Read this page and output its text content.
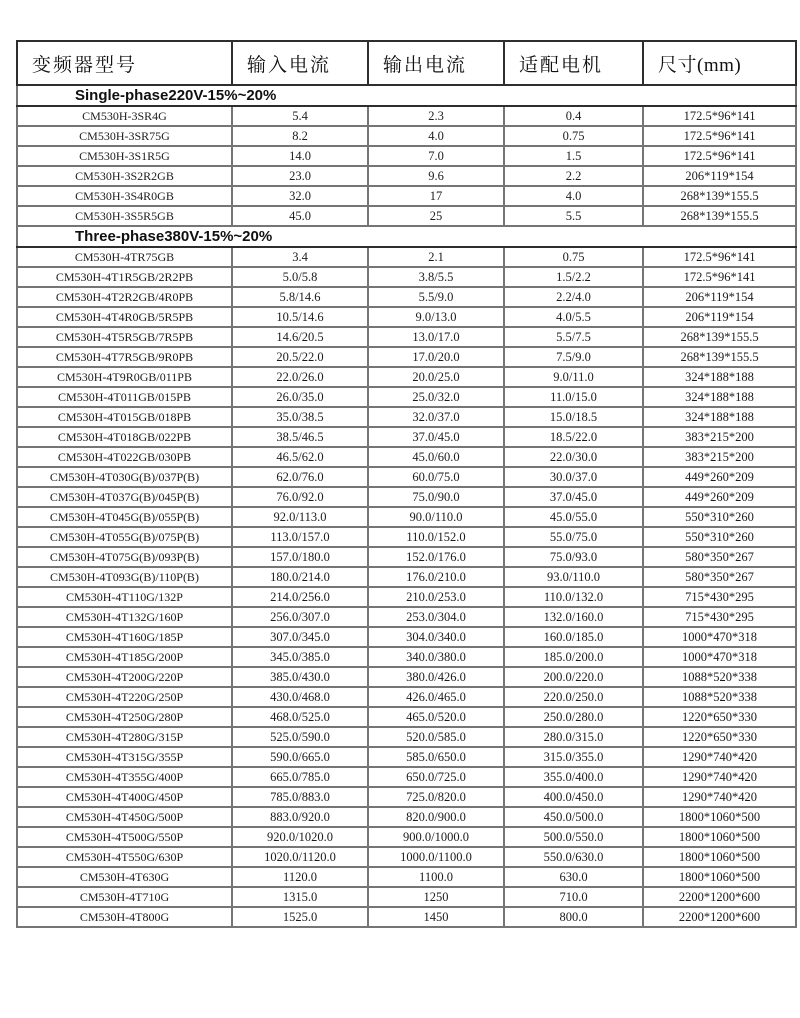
变频器型号	输入电流	输出电流	适配电机	尺寸(mm)
Single-phase220V-15%~20%				
CM530H-3SR4G	5.4	2.3	0.4	172.5*96*141
CM530H-3SR75G	8.2	4.0	0.75	172.5*96*141
CM530H-3S1R5G	14.0	7.0	1.5	172.5*96*141
CM530H-3S2R2GB	23.0	9.6	2.2	206*119*154
CM530H-3S4R0GB	32.0	17	4.0	268*139*155.5
CM530H-3S5R5GB	45.0	25	5.5	268*139*155.5
Three-phase380V-15%~20%				
CM530H-4TR75GB	3.4	2.1	0.75	172.5*96*141
CM530H-4T1R5GB/2R2PB	5.0/5.8	3.8/5.5	1.5/2.2	172.5*96*141
CM530H-4T2R2GB/4R0PB	5.8/14.6	5.5/9.0	2.2/4.0	206*119*154
CM530H-4T4R0GB/5R5PB	10.5/14.6	9.0/13.0	4.0/5.5	206*119*154
CM530H-4T5R5GB/7R5PB	14.6/20.5	13.0/17.0	5.5/7.5	268*139*155.5
CM530H-4T7R5GB/9R0PB	20.5/22.0	17.0/20.0	7.5/9.0	268*139*155.5
CM530H-4T9R0GB/011PB	22.0/26.0	20.0/25.0	9.0/11.0	324*188*188
CM530H-4T011GB/015PB	26.0/35.0	25.0/32.0	11.0/15.0	324*188*188
CM530H-4T015GB/018PB	35.0/38.5	32.0/37.0	15.0/18.5	324*188*188
CM530H-4T018GB/022PB	38.5/46.5	37.0/45.0	18.5/22.0	383*215*200
CM530H-4T022GB/030PB	46.5/62.0	45.0/60.0	22.0/30.0	383*215*200
CM530H-4T030G(B)/037P(B)	62.0/76.0	60.0/75.0	30.0/37.0	449*260*209
CM530H-4T037G(B)/045P(B)	76.0/92.0	75.0/90.0	37.0/45.0	449*260*209
CM530H-4T045G(B)/055P(B)	92.0/113.0	90.0/110.0	45.0/55.0	550*310*260
CM530H-4T055G(B)/075P(B)	113.0/157.0	110.0/152.0	55.0/75.0	550*310*260
CM530H-4T075G(B)/093P(B)	157.0/180.0	152.0/176.0	75.0/93.0	580*350*267
CM530H-4T093G(B)/110P(B)	180.0/214.0	176.0/210.0	93.0/110.0	580*350*267
CM530H-4T110G/132P	214.0/256.0	210.0/253.0	110.0/132.0	715*430*295
CM530H-4T132G/160P	256.0/307.0	253.0/304.0	132.0/160.0	715*430*295
CM530H-4T160G/185P	307.0/345.0	304.0/340.0	160.0/185.0	1000*470*318
CM530H-4T185G/200P	345.0/385.0	340.0/380.0	185.0/200.0	1000*470*318
CM530H-4T200G/220P	385.0/430.0	380.0/426.0	200.0/220.0	1088*520*338
CM530H-4T220G/250P	430.0/468.0	426.0/465.0	220.0/250.0	1088*520*338
CM530H-4T250G/280P	468.0/525.0	465.0/520.0	250.0/280.0	1220*650*330
CM530H-4T280G/315P	525.0/590.0	520.0/585.0	280.0/315.0	1220*650*330
CM530H-4T315G/355P	590.0/665.0	585.0/650.0	315.0/355.0	1290*740*420
CM530H-4T355G/400P	665.0/785.0	650.0/725.0	355.0/400.0	1290*740*420
CM530H-4T400G/450P	785.0/883.0	725.0/820.0	400.0/450.0	1290*740*420
CM530H-4T450G/500P	883.0/920.0	820.0/900.0	450.0/500.0	1800*1060*500
CM530H-4T500G/550P	920.0/1020.0	900.0/1000.0	500.0/550.0	1800*1060*500
CM530H-4T550G/630P	1020.0/1120.0	1000.0/1100.0	550.0/630.0	1800*1060*500
CM530H-4T630G	1120.0	1100.0	630.0	1800*1060*500
CM530H-4T710G	1315.0	1250	710.0	2200*1200*600
CM530H-4T800G	1525.0	1450	800.0	2200*1200*600
